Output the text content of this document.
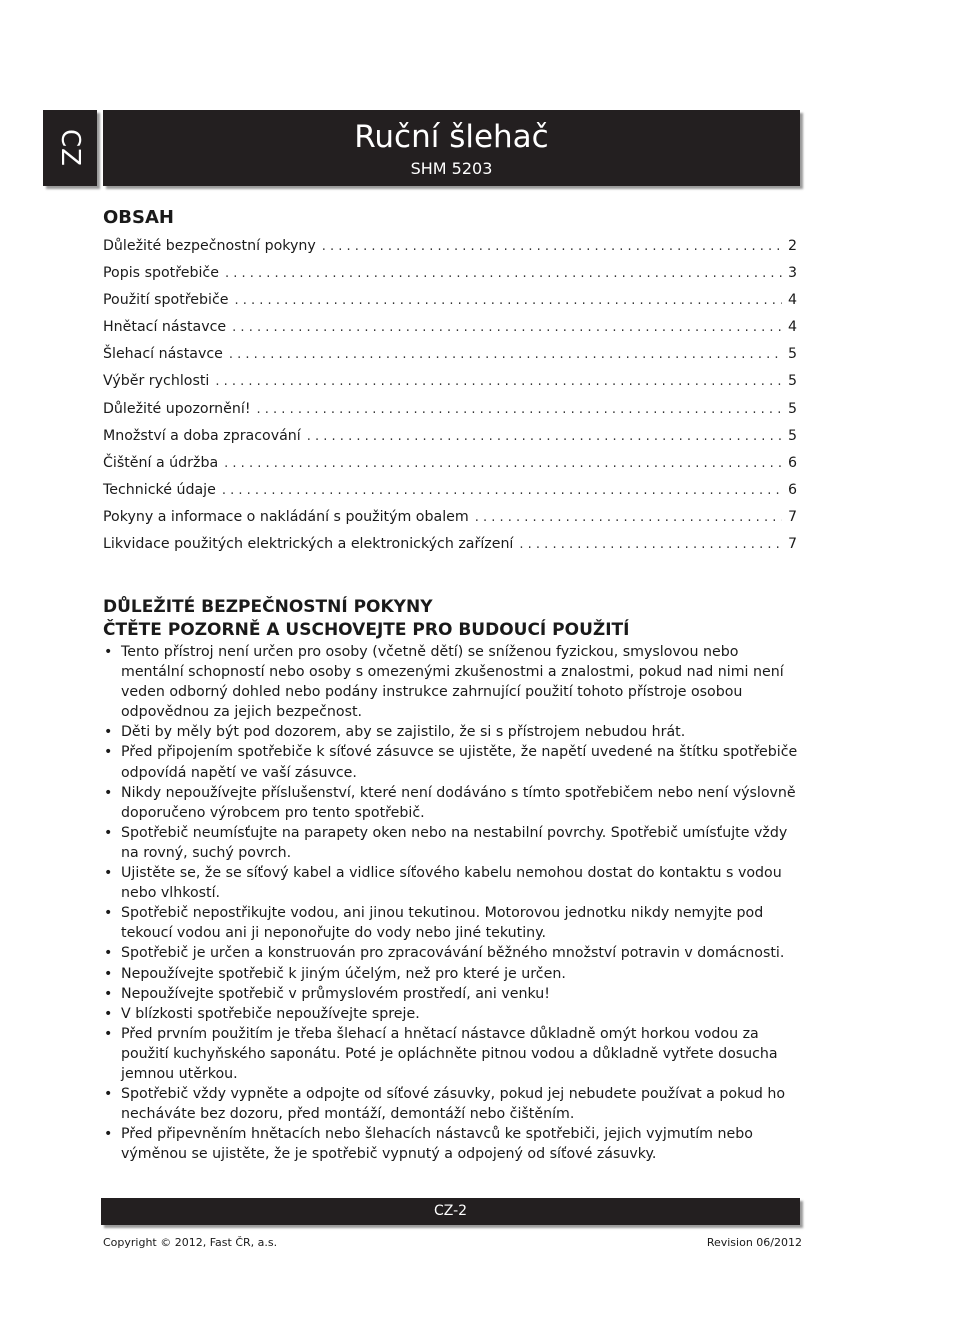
CZ	Ruční šlehač
SHM 5203
OBSAH
Důležité bezpečnostní pokyny . . .	2
Popis spotřebiče . . .	3
Použití spotřebiče . . .	4
Hnětací nástavce . . .	4
Šlehací nástavce . . .	5
Výběr rychlosti . . .	5
Důležité upozornění! . . .	5
Množství a doba zpracování . . .	5
Čištění a údržba . . .	6
Technické údaje . . .	6
Pokyny a informace o nakládání s použitým obalem . . .	7
Likvidace použitých elektrických a elektronických zařízení . . .	7
DŮLEŽITÉ BEZPEČNOSTNÍ POKYNY
ČTĚTE POZORNĚ A USCHOVEJTE PRO BUDOUCÍ POUŽITÍ
• Tento přístroj není určen pro osoby (včetně dětí) se sníženou fyzickou, smyslovou nebo mentální schopností nebo osoby s omezenými zkušenostmi a znalostmi, pokud nad nimi není veden odborný dohled nebo podány instrukce zahrnující použití tohoto přístroje osobou odpovědnou za jejich bezpečnost.
• Děti by měly být pod dozorem, aby se zajistilo, že si s přístrojem nebudou hrát.
• Před připojením spotřebiče k síťové zásuvce se ujistěte, že napětí uvedené na štítku spotřebiče odpovídá napětí ve vaší zásuvce.
• Nikdy nepoužívejte příslušenství, které není dodáváno s tímto spotřebičem nebo není výslovně doporučeno výrobcem pro tento spotřebič.
• Spotřebič neumísťujte na parapety oken nebo na nestabilní povrchy. Spotřebič umísťujte vždy na rovný, suchý povrch.
• Ujistěte se, že se síťový kabel a vidlice síťového kabelu nemohou dostat do kontaktu s vodou nebo vlhkostí.
• Spotřebič nepostřikujte vodou, ani jinou tekutinou. Motorovou jednotku nikdy nemyjte pod tekoucí vodou ani ji neponořujte do vody nebo jiné tekutiny.
• Spotřebič je určen a konstruován pro zpracovávání běžného množství potravin v domácnosti.
• Nepoužívejte spotřebič k jiným účelým, než pro které je určen.
• Nepoužívejte spotřebič v průmyslovém prostředí, ani venku!
• V blízkosti spotřebiče nepoužívejte spreje.
• Před prvním použitím je třeba šlehací a hnětací nástavce důkladně omýt horkou vodou za použití kuchyňského saponátu. Poté je opláchněte pitnou vodou a důkladně vytřete dosucha jemnou utěrkou.
• Spotřebič vždy vypněte a odpojte od síťové zásuvky, pokud jej nebudete používat a pokud ho necháváte bez dozoru, před montáží, demontáží nebo čištěním.
• Před připevněním hnětacích nebo šlehacích nástavců ke spotřebiči, jejich vyjmutím nebo výměnou se ujistěte, že je spotřebič vypnutý a odpojený od síťové zásuvky.
CZ-2
Copyright © 2012, Fast ČR, a.s.	Revision 06/2012
